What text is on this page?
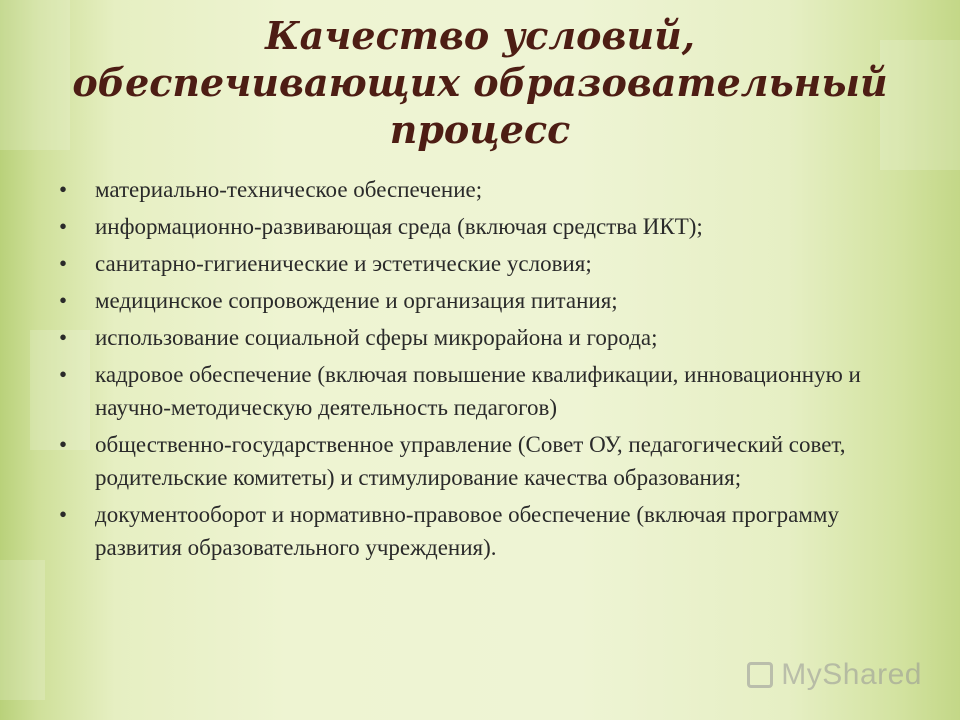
Качество условий,
обеспечивающих образовательный
процесс
• материально-техническое обеспечение;
• информационно-развивающая среда (включая средства ИКТ);
• санитарно-гигиенические и эстетические условия;
• медицинское сопровождение и организация питания;
• использование социальной сферы микрорайона и города;
• кадровое обеспечение (включая повышение квалификации, инновационную и научно-методическую деятельность педагогов)
• общественно-государственное управление (Совет ОУ, педагогический совет, родительские комитеты) и стимулирование качества образования;
• документооборот и нормативно-правовое обеспечение (включая программу развития образовательного учреждения).
MyShared
